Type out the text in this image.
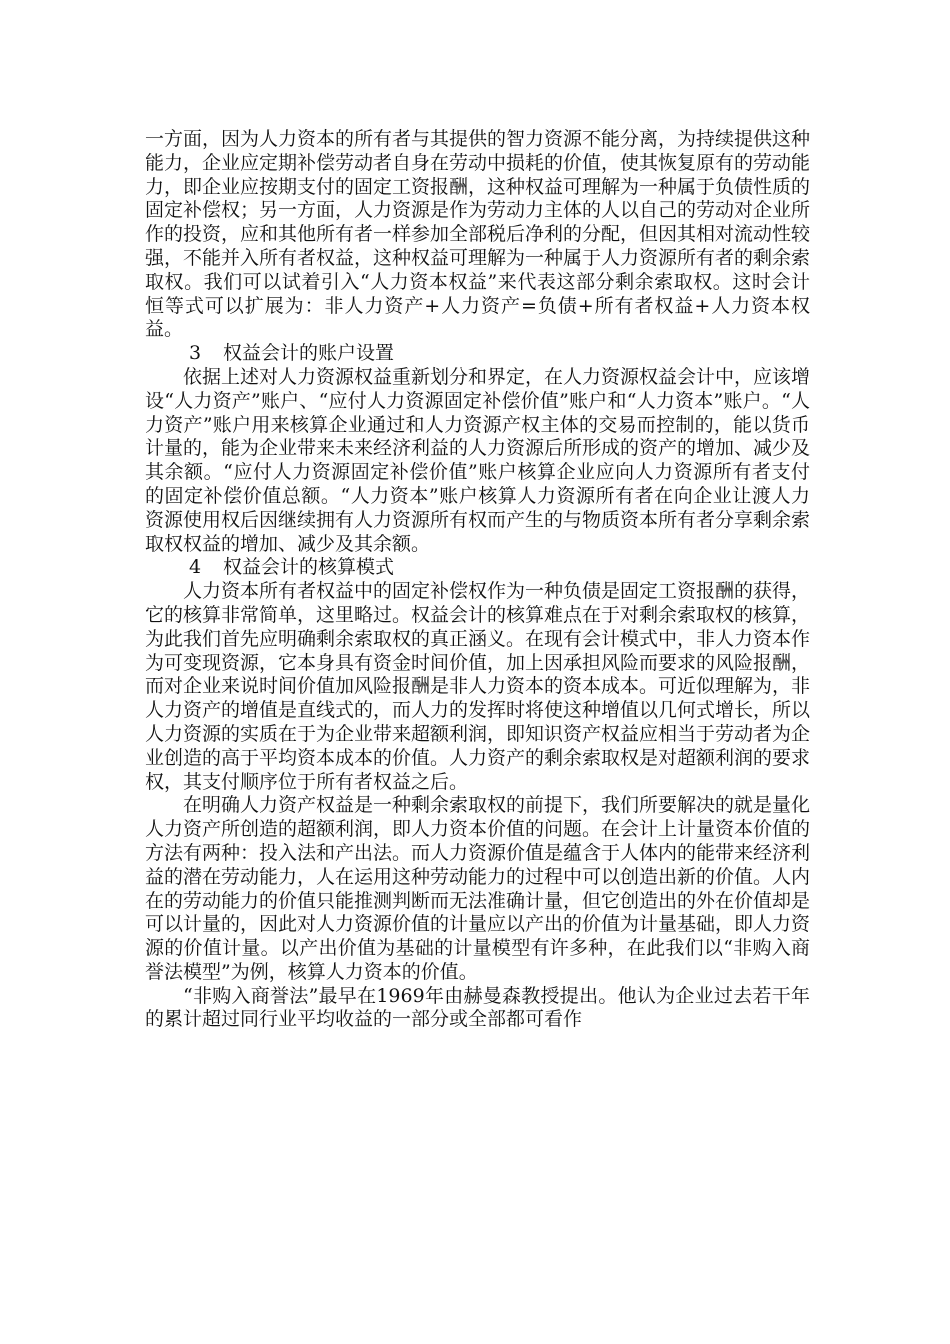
一方面，因为人力资本的所有者与其提供的智力资源不能分离，为持续提供这种能力，企业应定期补偿劳动者自身在劳动中损耗的价值，使其恢复原有的劳动能力，即企业应按期支付的固定工资报酬，这种权益可理解为一种属于负债性质的固定补偿权；另一方面，人力资源是作为劳动力主体的人以自己的劳动对企业所作的投资，应和其他所有者一样参加全部税后净利的分配，但因其相对流动性较强，不能并入所有者权益，这种权益可理解为一种属于人力资源所有者的剩余索取权。我们可以试着引入“人力资本权益”来代表这部分剩余索取权。这时会计恒等式可以扩展为：非人力资产+人力资产=负债+所有者权益+人力资本权益。

3 权益会计的账户设置

依据上述对人力资源权益重新划分和界定，在人力资源权益会计中，应该增设“人力资产”账户、“应付人力资源固定补偿价值”账户和“人力资本”账户。“人力资产”账户用来核算企业通过和人力资源产权主体的交易而控制的，能以货币计量的，能为企业带来未来经济利益的人力资源后所形成的资产的增加、减少及其余额。“应付人力资源固定补偿价值”账户核算企业应向人力资源所有者支付的固定补偿价值总额。“人力资本”账户核算人力资源所有者在向企业让渡人力资源使用权后因继续拥有人力资源所有权而产生的与物质资本所有者分享剩余索取权权益的增加、减少及其余额。

4 权益会计的核算模式

人力资本所有者权益中的固定补偿权作为一种负债是固定工资报酬的获得，它的核算非常简单，这里略过。权益会计的核算难点在于对剩余索取权的核算，为此我们首先应明确剩余索取权的真正涵义。在现有会计模式中，非人力资本作为可变现资源，它本身具有资金时间价值，加上因承担风险而要求的风险报酬，而对企业来说时间价值加风险报酬是非人力资本的资本成本。可近似理解为，非人力资产的增值是直线式的，而人力的发挥时将使这种增值以几何式增长，所以人力资源的实质在于为企业带来超额利润，即知识资产权益应相当于劳动者为企业创造的高于平均资本成本的价值。人力资产的剩余索取权是对超额利润的要求权，其支付顺序位于所有者权益之后。

在明确人力资产权益是一种剩余索取权的前提下，我们所要解决的就是量化人力资产所创造的超额利润，即人力资本价值的问题。在会计上计量资本价值的方法有两种：投入法和产出法。而人力资源价值是蕴含于人体内的能带来经济利益的潜在劳动能力，人在运用这种劳动能力的过程中可以创造出新的价值。人内在的劳动能力的价值只能推测判断而无法准确计量，但它创造出的外在价值却是可以计量的，因此对人力资源价值的计量应以产出的价值为计量基础，即人力资源的价值计量。以产出价值为基础的计量模型有许多种，在此我们以“非购入商誉法模型”为例，核算人力资本的价值。

“非购入商誉法”最早在1969年由赫曼森教授提出。他认为企业过去若干年的累计超过同行业平均收益的一部分或全部都可看作
